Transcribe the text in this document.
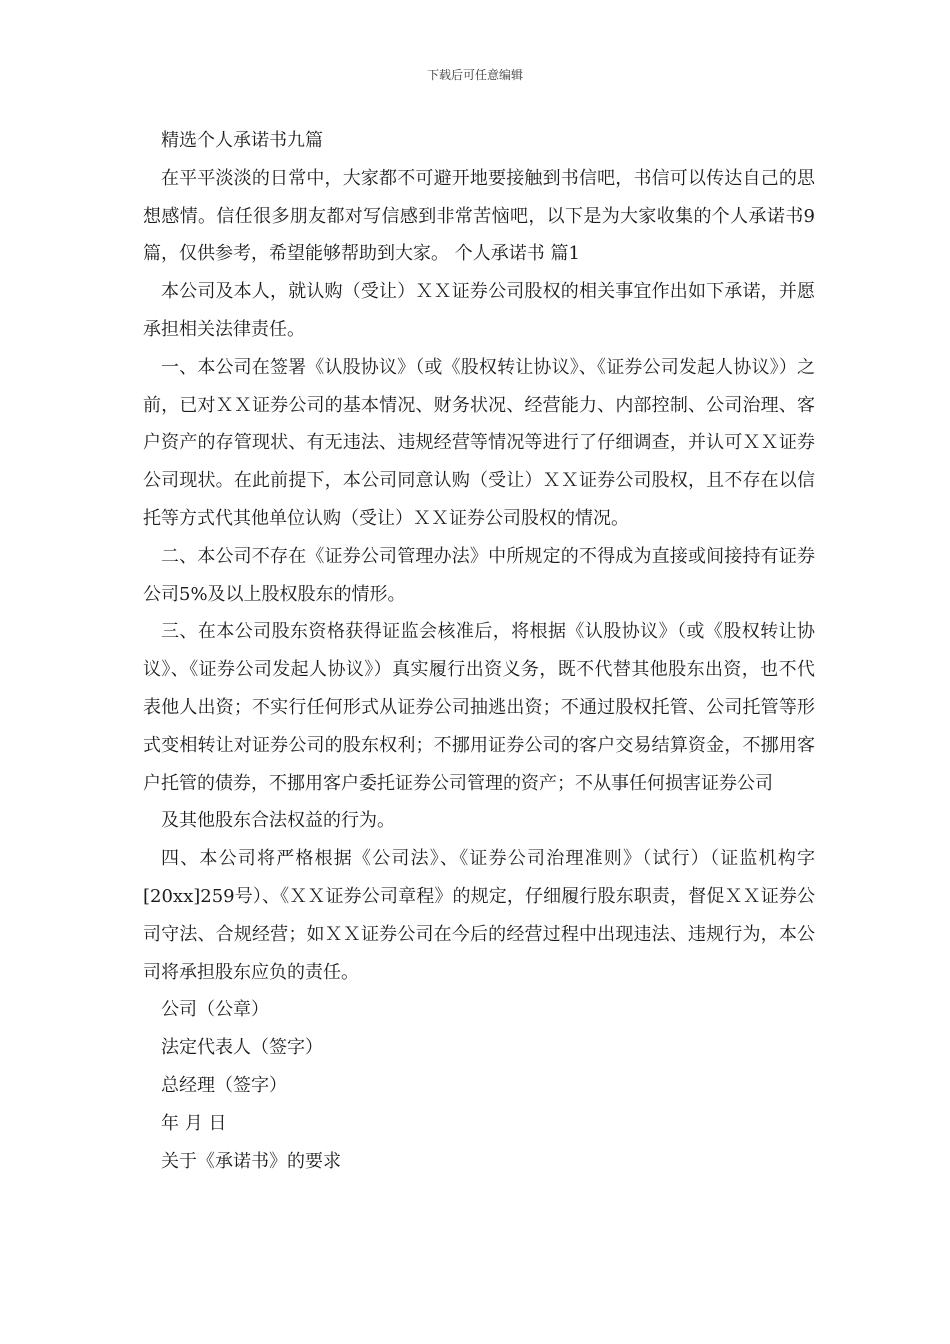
下载后可任意编辑

精选个人承诺书九篇

在平平淡淡的日常中，大家都不可避开地要接触到书信吧，书信可以传达自己的思想感情。信任很多朋友都对写信感到非常苦恼吧，以下是为大家收集的个人承诺书9篇，仅供参考，希望能够帮助到大家。 个人承诺书 篇1

本公司及本人，就认购（受让）ＸＸ证券公司股权的相关事宜作出如下承诺，并愿承担相关法律责任。

一、本公司在签署《认股协议》（或《股权转让协议》、《证券公司发起人协议》）之前，已对ＸＸ证券公司的基本情况、财务状况、经营能力、内部控制、公司治理、客户资产的存管现状、有无违法、违规经营等情况等进行了仔细调查，并认可ＸＸ证券公司现状。在此前提下，本公司同意认购（受让）ＸＸ证券公司股权，且不存在以信托等方式代其他单位认购（受让）ＸＸ证券公司股权的情况。

二、本公司不存在《证券公司管理办法》中所规定的不得成为直接或间接持有证券公司5%及以上股权股东的情形。

三、在本公司股东资格获得证监会核准后，将根据《认股协议》（或《股权转让协议》、《证券公司发起人协议》）真实履行出资义务，既不代替其他股东出资，也不代表他人出资；不实行任何形式从证券公司抽逃出资；不通过股权托管、公司托管等形式变相转让对证券公司的股东权利；不挪用证券公司的客户交易结算资金，不挪用客户托管的债券，不挪用客户委托证券公司管理的资产；不从事任何损害证券公司

及其他股东合法权益的行为。

四、本公司将严格根据《公司法》、《证券公司治理准则》（试行）（证监机构字[20xx]259号）、《ＸＸ证券公司章程》的规定，仔细履行股东职责，督促ＸＸ证券公司守法、合规经营；如ＸＸ证券公司在今后的经营过程中出现违法、违规行为，本公司将承担股东应负的责任。

公司（公章）

法定代表人（签字）

总经理（签字）

年 月 日

关于《承诺书》的要求
